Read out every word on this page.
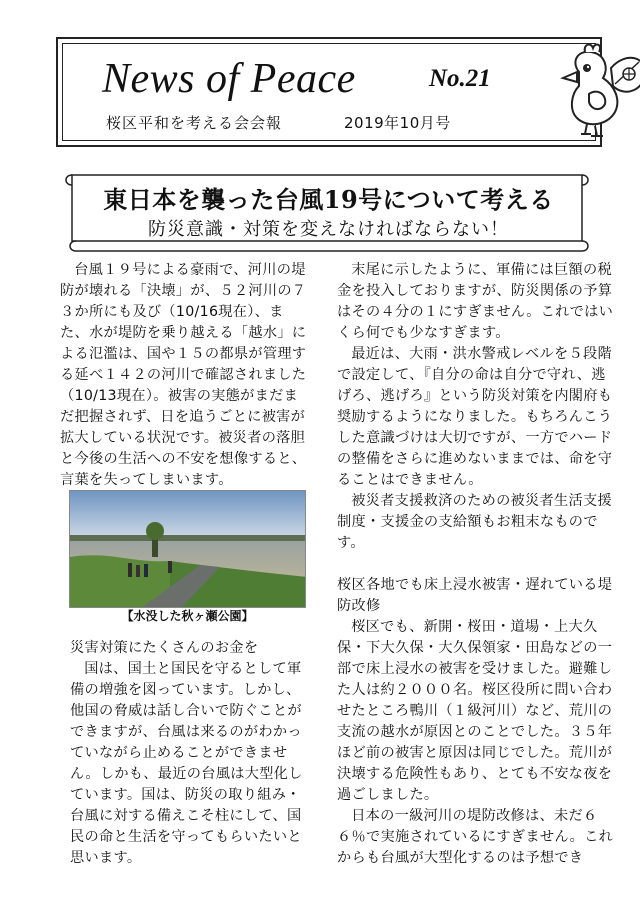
News of Peace	No.21
桜区平和を考える会会報	2019年10月号
東日本を襲った台風19号について考える
防災意識・対策を変えなければならない！

台風１９号による豪雨で、河川の堤防が壊れる「決壊」が、５２河川の７３か所にも及び（10/16現在）、また、水が堤防を乗り越える「越水」による氾濫は、国や１５の都県が管理する延べ１４２の河川で確認されました（10/13現在）。被害の実態がまだまだ把握されず、日を追うごとに被害が拡大している状況です。被災者の落胆と今後の生活への不安を想像すると、言葉を失ってしまいます。

【水没した秋ヶ瀬公園】

災害対策にたくさんのお金を

国は、国土と国民を守るとして軍備の増強を図っています。しかし、他国の脅威は話し合いで防ぐことができますが、台風は来るのがわかっていながら止めることができません。しかも、最近の台風は大型化しています。国は、防災の取り組み・台風に対する備えこそ柱にして、国民の命と生活を守ってもらいたいと思います。

末尾に示したように、軍備には巨額の税金を投入しておりますが、防災関係の予算はその４分の１にすぎません。これではいくら何でも少なすぎます。

最近は、大雨・洪水警戒レベルを５段階で設定して、『自分の命は自分で守れ、逃げろ、逃げろ』という防災対策を内閣府も奨励するようになりました。もちろんこうした意識づけは大切ですが、一方でハードの整備をさらに進めないままでは、命を守ることはできません。

被災者支援救済のための被災者生活支援制度・支援金の支給額もお粗末なものです。

桜区各地でも床上浸水被害・遅れている堤防改修

桜区でも、新開・桜田・道場・上大久保・下大久保・大久保領家・田島などの一部で床上浸水の被害を受けました。避難した人は約２０００名。桜区役所に問い合わせたところ鴨川（１級河川）など、荒川の支流の越水が原因とのことでした。３５年ほど前の被害と原因は同じでした。荒川が決壊する危険性もあり、とても不安な夜を過ごしました。

日本の一級河川の堤防改修は、未だ６６％で実施されているにすぎません。これからも台風が大型化するのは予想でき
